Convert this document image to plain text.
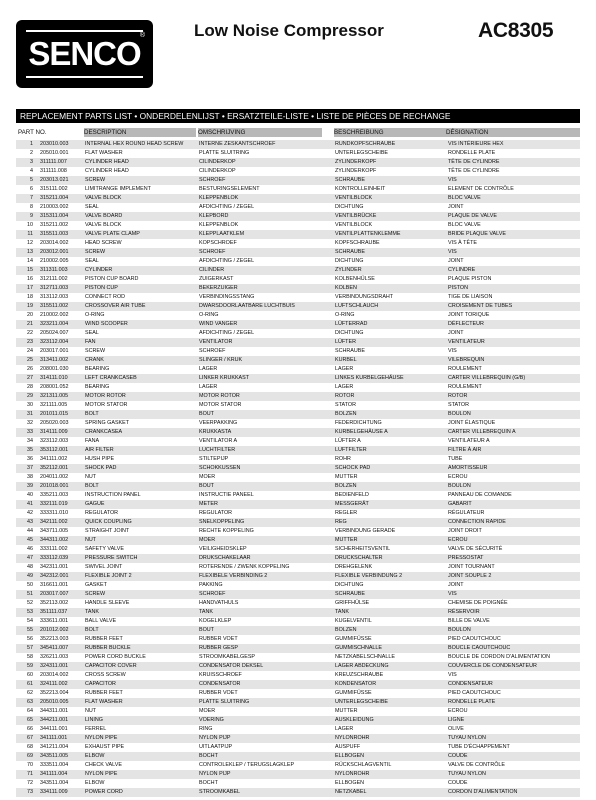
SENCO ®	Low Noise Compressor	AC8305
REPLACEMENT PARTS LIST • ONDERDELENLIJST • ERSATZTEILE-LISTE • LISTE DE PIÈCES DE RECHANGE
PART NO.	DESCRIPTION	OMSCHRIJVING	BESCHREIBUNG	DÉSIGNATION
1	203010.003	INTERNAL HEX ROUND HEAD SCREW	INTERNE ZESKANTSCHROEF	RUNDKOPFSCHRAUBE	VIS INTÉRIEURE HEX
2	205010.001	FLAT WASHER	PLATTE SLUITRING	UNTERLEGSCHEIBE	RONDELLE PLATE
3	311111.007	CYLINDER HEAD	CILINDERKOP	ZYLINDERKOPF	TÊTE DE CYLINDRE
4	311111.008	CYLINDER HEAD	CILINDERKOP	ZYLINDERKOPF	TÊTE DE CYLINDRE
5	203013.021	SCREW	SCHROEF	SCHRAUBE	VIS
6	315111.002	LIMITRANGE IMPLEMENT	BESTURINGSELEMENT	KONTROLLEINHEIT	ELEMENT DE CONTRÔLE
7	315211.004	VALVE BLOCK	KLEPPENBLOK	VENTILBLOCK	BLOC VALVE
8	210003.002	SEAL	AFDICHTING / ZEGEL	DICHTUNG	JOINT
9	315311.004	VALVE BOARD	KLEPBORD	VENTILBRÜCKE	PLAQUE DE VALVE
10	315211.002	VALVE BLOCK	KLEPPENBLOK	VENTILBLOCK	BLOC VALVE
11	315511.003	VALVE PLATE CLAMP	KLEPPLAATKLEM	VENTILPLATTENKLEMME	BRIDE PLAQUE VALVE
12	203014.002	HEAD SCREW	KOPSCHROEF	KOPFSCHRAUBE	VIS À TÊTE
13	203012.001	SCREW	SCHROEF	SCHRAUBE	VIS
14	210002.005	SEAL	AFDICHTING / ZEGEL	DICHTUNG	JOINT
15	311311.003	CYLINDER	CILINDER	ZYLINDER	CYLINDRE
16	312111.002	PISTON CUP BOARD	ZUIGERKAST	KOLBENHÜLSE	PLAQUE PISTON
17	312711.003	PISTON CUP	BEKERZUIGER	KOLBEN	PISTON
18	313112.003	CONNECT ROD	VERBINDINGSSTANG	VERBINDUNGSDRAHT	TIGE DE LIAISON
19	315511.002	CROSSOVER AIR TUBE	DWARSDOORLAATBARE LUCHTBUIS	LUFTSCHLAUCH	CROISEMENT DE TUBES
20	210002.002	O-RING	O-RING	O-RING	JOINT TORIQUE
21	323211.004	WIND SCOOPER	WIND VANGER	LÜFTERRAD	DÉFLECTEUR
22	205024.007	SEAL	AFDICHTING / ZEGEL	DICHTUNG	JOINT
23	323112.004	FAN	VENTILATOR	LÜFTER	VENTILATEUR
24	203017.001	SCREW	SCHROEF	SCHRAUBE	VIS
25	313411.002	CRANK	SLINGER / KRUK	KURBEL	VILEBREQUIN
26	208001.030	BEARING	LAGER	LAGER	ROULEMENT
27	314111.010	LEFT CRANKCASEB	LINKER KRUKKAST	LINKES KURBELGEHÄUSE	CARTER VILLEBREQUIN (G/B)
28	208001.052	BEARING	LAGER	LAGER	ROULEMENT
29	321311.005	MOTOR ROTOR	MOTOR ROTOR	ROTOR	ROTOR
30	321111.005	MOTOR STATOR	MOTOR STATOR	STATOR	STATOR
31	201011.015	BOLT	BOUT	BOLZEN	BOULON
32	205020.003	SPRING GASKET	VEERPAKKING	FEDERDICHTUNG	JOINT ÉLASTIQUE
33	314111.009	CRANKCASEA	KRUKKASTA	KURBELGEHÄUSE A	CARTER VILLEBREQUIN A
34	323112.003	FANA	VENTILATOR A	LÜFTER A	VENTILATEUR A
35	353112.001	AIR FILTER	LUCHTFILTER	LUFTFILTER	FILTRE À AIR
36	341111.002	HUSH PIPE	STILTEPIJP	ROHR	TUBE
37	352112.001	SHOCK PAD	SCHOKKUSSEN	SCHOCK PAD	AMORTISSEUR
38	204011.002	NUT	MOER	MUTTER	ECROU
39	201018.001	BOLT	BOUT	BOLZEN	BOULON
40	335211.003	INSTRUCTION PANEL	INSTRUCTIE PANEEL	BEDIENFELD	PANNEAU DE COMANDE
41	332111.019	GAGUE	METER	MESSGERÄT	GABARIT
42	333311.010	REGULATOR	REGULATOR	REGLER	RÉGULATEUR
43	342111.002	QUICK COUPLING	SNELKOPPELING	REG	CONNECTION RAPIDE
44	343711.005	STRAIGHT JOINT	RECHTE KOPPELING	VERBINDUNG GERADE	JOINT DROIT
45	344311.002	NUT	MOER	MUTTER	ECROU
46	333111.002	SAFETY VALVE	VEILIGHEIDSKLEP	SICHERHEITSVENTIL	VALVE DE SÉCURITÉ
47	333112.039	PRESSURE SWITCH	DRUKSCHAKELAAR	DRUCKSCHALTER	PRESSOSTAT
48	342311.001	SWIVEL JOINT	ROTERENDE / ZWENK KOPPELING	DREHGELENK	JOINT TOURNANT
49	342312.001	FLEXIBLE JOINT 2	FLEXIBELE VERBINDING 2	FLEXIBLE VERBINDUNG 2	JOINT SOUPLE 2
50	316611.001	GASKET	PAKKING	DICHTUNG	JOINT
51	203017.007	SCREW	SCHROEF	SCHRAUBE	VIS
52	352113.002	HANDLE SLEEVE	HANDVATHULS	GRIFFHÜLSE	CHEMISE DE POIGNÉE
53	351111.037	TANK	TANK	TANK	RÉSERVOIR
54	333611.001	BALL VALVE	KOGELKLEP	KUGELVENTIL	BILLE DE VALVE
55	201012.002	BOLT	BOUT	BOLZEN	BOULON
56	352213.003	RUBBER FEET	RUBBER VOET	GUMMIFÜSSE	PIED CAOUTCHOUC
57	345411.007	RUBBER BUCKLE	RUBBER GESP	GUMMISCHNALLE	BOUCLE CAOUTCHOUC
58	326211.003	POWER CORD BUCKLE	STROOMKABELGESP	NETZKABELSCHNALLE	BOUCLE DE CORDON D'ALIMENTATION
59	324311.001	CAPACITOR COVER	CONDENSATOR DEKSEL	LAGER ABDECKUNG	COUVERCLE DE CONDENSATEUR
60	203014.002	CROSS SCREW	KRUISSCHROEF	KREUZSCHRAUBE	VIS
61	324111.002	CAPACITOR	CONDENSATOR	KONDENSATOR	CONDENSATEUR
62	352213.004	RUBBER FEET	RUBBER VOET	GUMMIFÜSSE	PIED CAOUTCHOUC
63	205010.005	FLAT WASHER	PLATTE SLUITRING	UNTERLEGSCHEIBE	RONDELLE PLATE
64	344311.001	NUT	MOER	MUTTER	ECROU
65	344211.001	LINING	VOERING	AUSKLEIDUNG	LIGNE
66	344111.001	FERREL	RING	LAGER	OLIVE
67	341111.001	NYLON PIPE	NYLON PIJP	NYLONROHR	TUYAU NYLON
68	341211.004	EXHAUST PIPE	UITLAATPIJP	AUSPUFF	TUBE D'ÉCHAPPEMENT
69	343511.005	ELBOW	BOCHT	ELLBOGEN	COUDE
70	333511.004	CHECK VALVE	CONTROLEKLEP / TERUGSLAGKLEP	RÜCKSCHLAGVENTIL	VALVE DE CONTRÔLE
71	341111.004	NYLON PIPE	NYLON PIJP	NYLONROHR	TUYAU NYLON
72	343511.004	ELBOW	BOCHT	ELLBOGEN	COUDE
73	334111.009	POWER CORD	STROOMKABEL	NETZKABEL	CORDON D'ALIMENTATION
